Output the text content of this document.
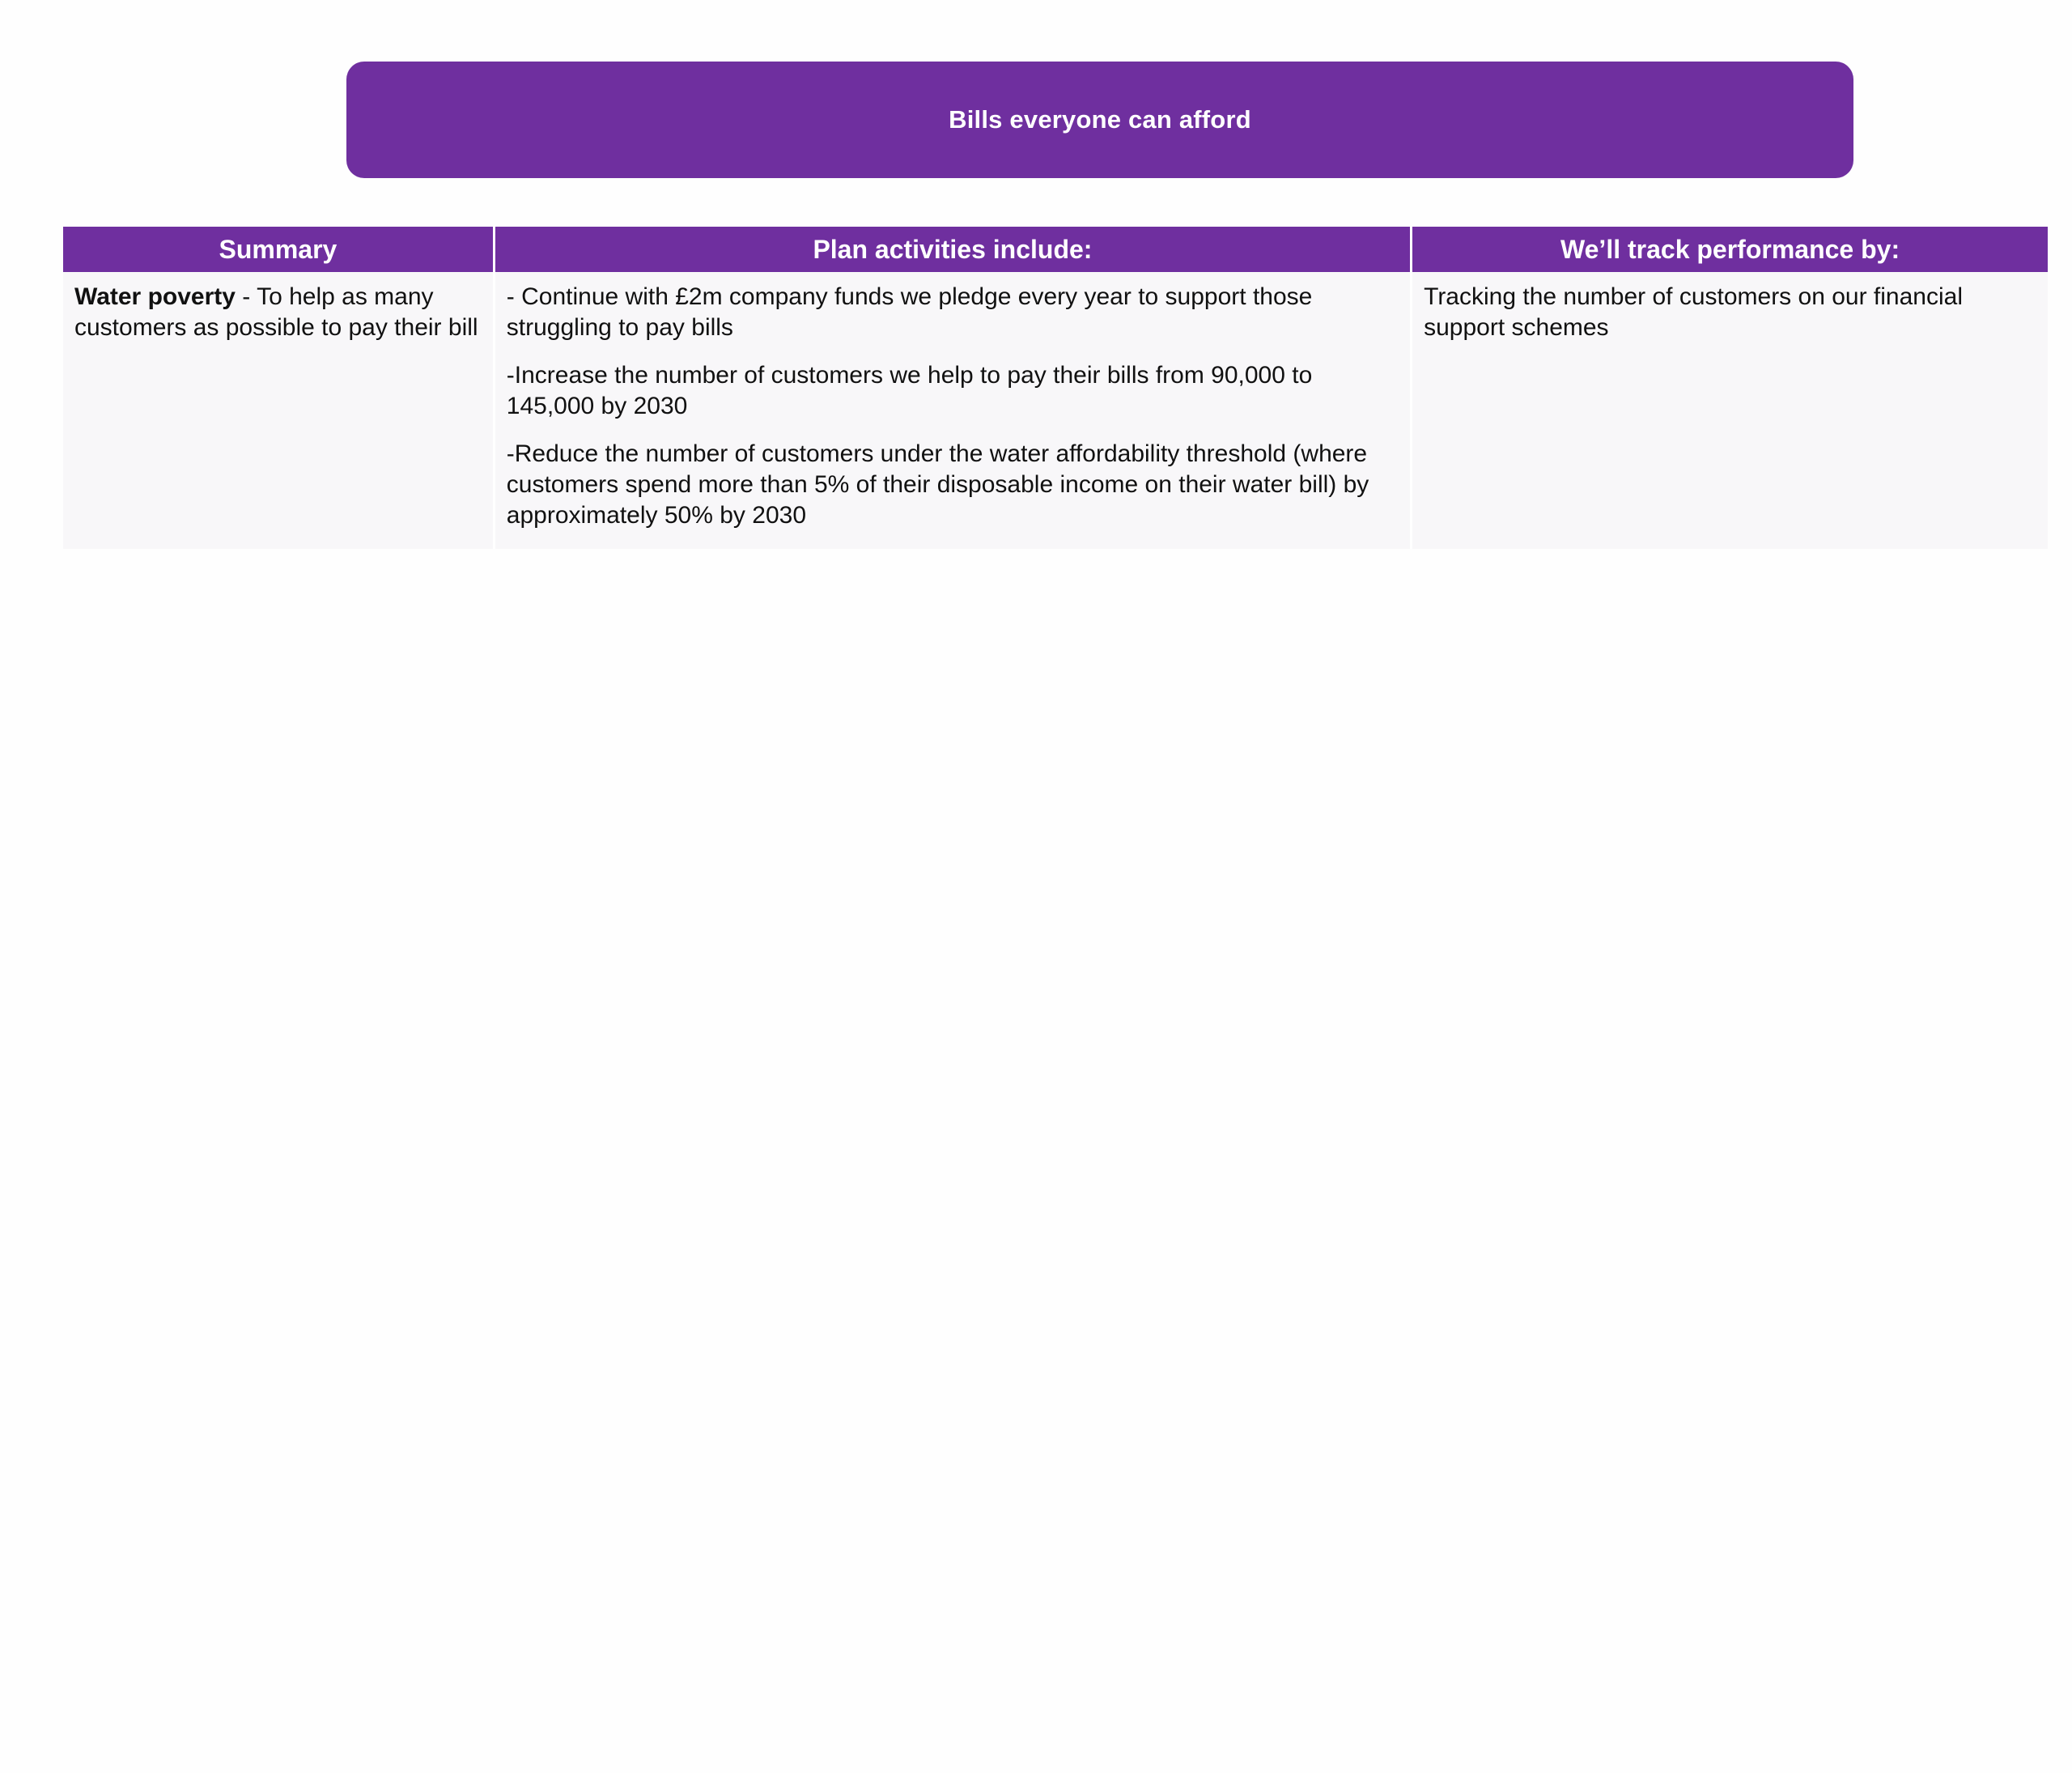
Bills everyone can afford
Summary	Plan activities include:	We’ll track performance by:
Water poverty - To help as many customers as possible to pay their bill	- Continue with £2m company funds we pledge every year to support those struggling to pay bills
-Increase the number of customers we help to pay their bills from 90,000 to 145,000 by 2030
-Reduce the number of customers under the water affordability threshold (where customers spend more than 5% of their disposable income on their water bill) by approximately 50% by 2030	Tracking the number of customers on our financial support schemes
